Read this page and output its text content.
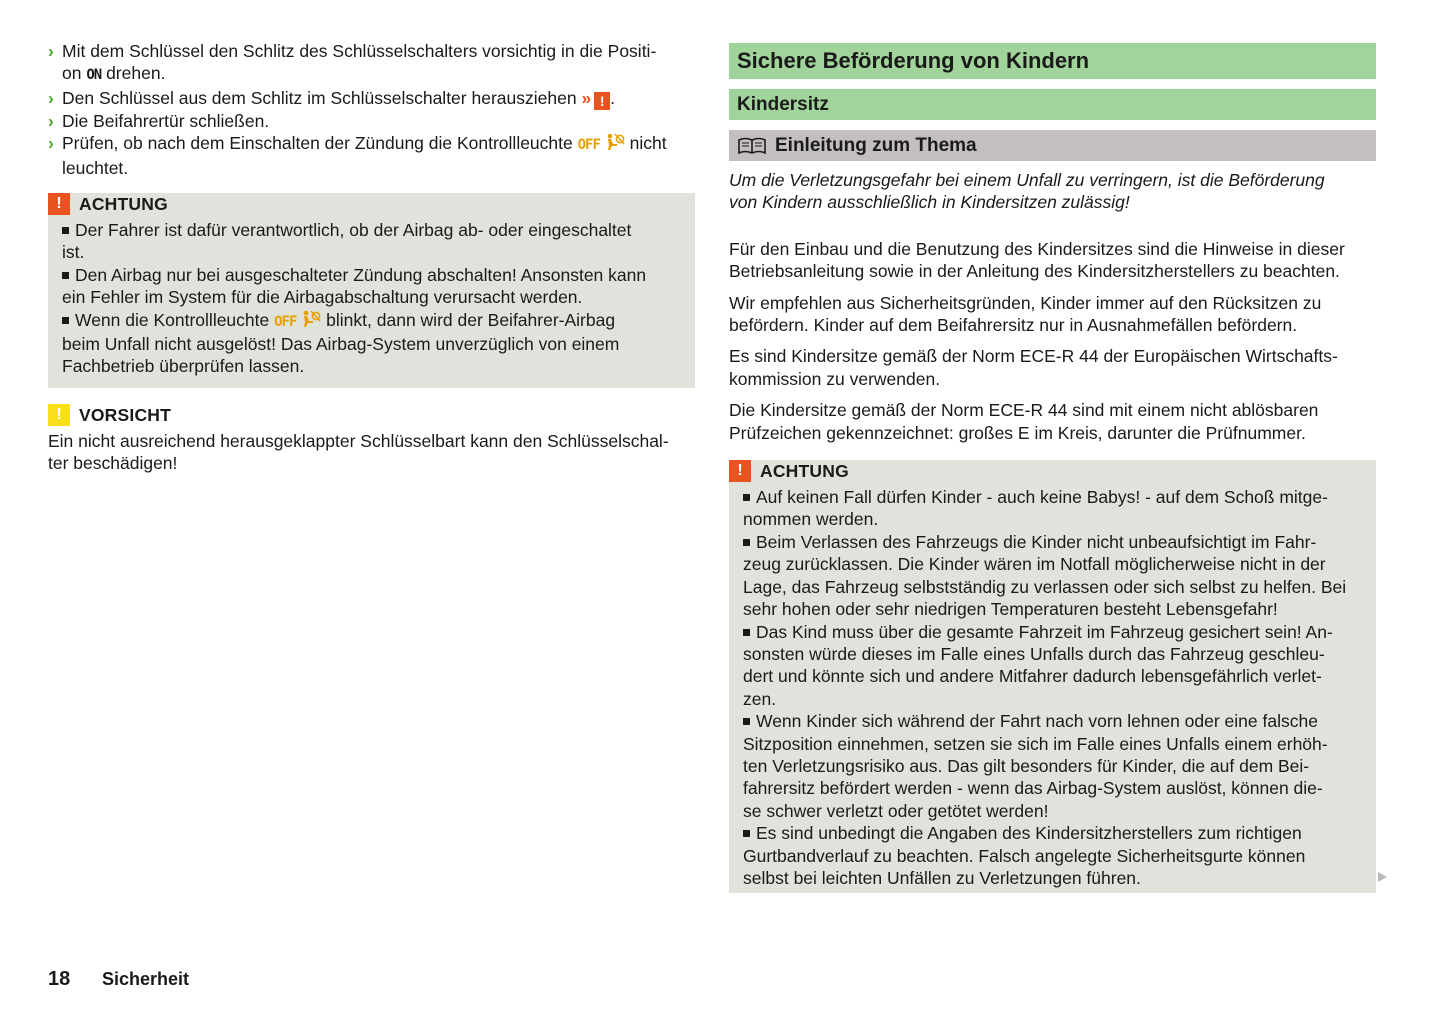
› Mit dem Schlüssel den Schlitz des Schlüsselschalters vorsichtig in die Positi-
on ON drehen.

› Den Schlüssel aus dem Schlitz im Schlüsselschalter herausziehen » ! .

› Die Beifahrertür schließen.

› Prüfen, ob nach dem Einschalten der Zündung die Kontrollleuchte OFF nicht
leuchtet.

! ACHTUNG

Der Fahrer ist dafür verantwortlich, ob der Airbag ab- oder eingeschaltet
ist.

Den Airbag nur bei ausgeschalteter Zündung abschalten! Ansonsten kann
ein Fehler im System für die Airbagabschaltung verursacht werden.

Wenn die Kontrollleuchte OFF blinkt, dann wird der Beifahrer-Airbag
beim Unfall nicht ausgelöst! Das Airbag-System unverzüglich von einem
Fachbetrieb überprüfen lassen.

! VORSICHT

Ein nicht ausreichend herausgeklappter Schlüsselbart kann den Schlüsselschal-
ter beschädigen!

Sichere Beförderung von Kindern
Kindersitz
Einleitung zum Thema

Um die Verletzungsgefahr bei einem Unfall zu verringern, ist die Beförderung
von Kindern ausschließlich in Kindersitzen zulässig!

Für den Einbau und die Benutzung des Kindersitzes sind die Hinweise in dieser
Betriebsanleitung sowie in der Anleitung des Kindersitzherstellers zu beachten.

Wir empfehlen aus Sicherheitsgründen, Kinder immer auf den Rücksitzen zu
befördern. Kinder auf dem Beifahrersitz nur in Ausnahmefällen befördern.

Es sind Kindersitze gemäß der Norm ECE-R 44 der Europäischen Wirtschafts-
kommission zu verwenden.

Die Kindersitze gemäß der Norm ECE-R 44 sind mit einem nicht ablösbaren
Prüfzeichen gekennzeichnet: großes E im Kreis, darunter die Prüfnummer.

! ACHTUNG

Auf keinen Fall dürfen Kinder - auch keine Babys! - auf dem Schoß mitge-
nommen werden.

Beim Verlassen des Fahrzeugs die Kinder nicht unbeaufsichtigt im Fahr-
zeug zurücklassen. Die Kinder wären im Notfall möglicherweise nicht in der
Lage, das Fahrzeug selbstständig zu verlassen oder sich selbst zu helfen. Bei
sehr hohen oder sehr niedrigen Temperaturen besteht Lebensgefahr!

Das Kind muss über die gesamte Fahrzeit im Fahrzeug gesichert sein! An-
sonsten würde dieses im Falle eines Unfalls durch das Fahrzeug geschleu-
dert und könnte sich und andere Mitfahrer dadurch lebensgefährlich verlet-
zen.

Wenn Kinder sich während der Fahrt nach vorn lehnen oder eine falsche
Sitzposition einnehmen, setzen sie sich im Falle eines Unfalls einem erhöh-
ten Verletzungsrisiko aus. Das gilt besonders für Kinder, die auf dem Bei-
fahrersitz befördert werden - wenn das Airbag-System auslöst, können die-
se schwer verletzt oder getötet werden!

Es sind unbedingt die Angaben des Kindersitzherstellers zum richtigen
Gurtbandverlauf zu beachten. Falsch angelegte Sicherheitsgurte können
selbst bei leichten Unfällen zu Verletzungen führen.

18	Sicherheit
